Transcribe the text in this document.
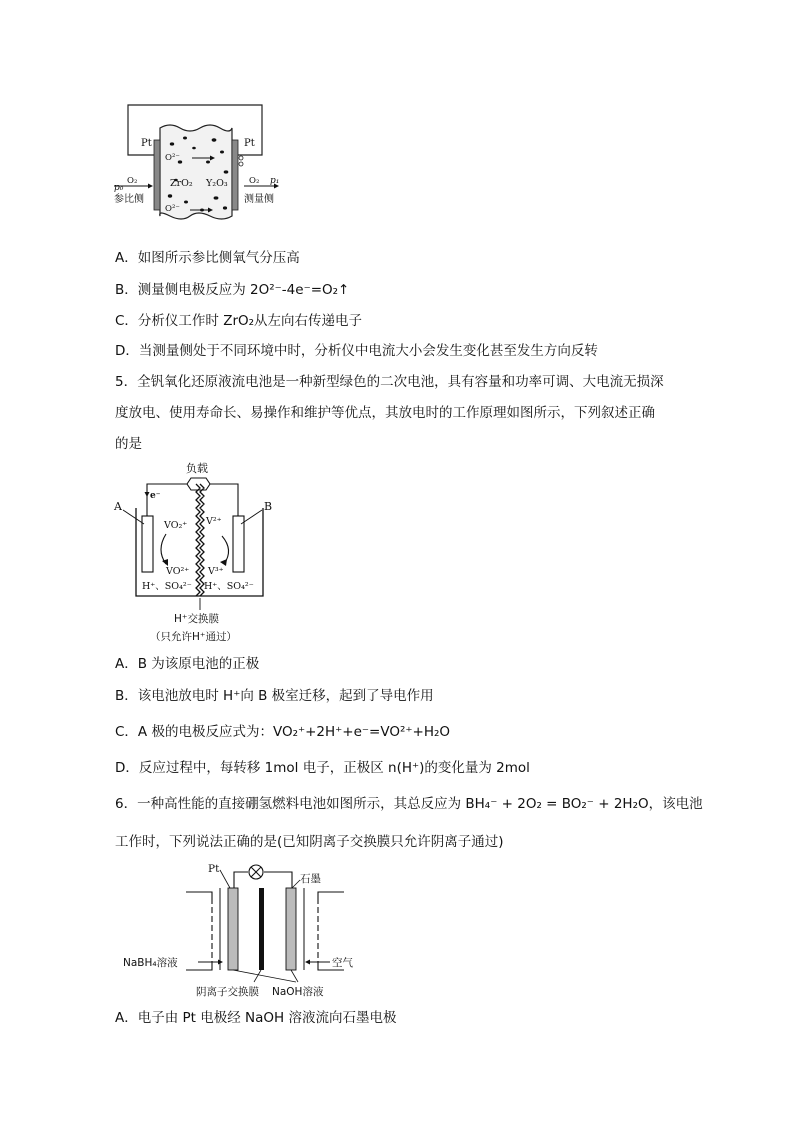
Pt	Pt
O²⁻
O²⁻
ZrO₂ Y₂O₃
p₀
O₂	O₂ p₁
参比侧	测量侧
A．如图所示参比侧氧气分压高
B．测量侧电极反应为 2O²⁻-4e⁻=O₂↑
C．分析仪工作时 ZrO₂从左向右传递电子
D．当测量侧处于不同环境中时，分析仪中电流大小会发生变化甚至发生方向反转
5．全钒氧化还原液流电池是一种新型绿色的二次电池，具有容量和功率可调、大电流无损深
度放电、使用寿命长、易操作和维护等优点，其放电时的工作原理如图所示，下列叙述正确
的是
负载
A	B
e⁻
VO₂⁺ V²⁺
VO²⁺ V³⁺
H⁺、SO₄²⁻ H⁺、SO₄²⁻
H⁺交换膜
（只允许H⁺通过）
A．B 为该原电池的正极
B．该电池放电时 H⁺向 B 极室迁移，起到了导电作用
C．A 极的电极反应式为：VO₂⁺+2H⁺+e⁻=VO²⁺+H₂O
D．反应过程中，每转移 1mol 电子，正极区 n(H⁺)的变化量为 2mol
6．一种高性能的直接硼氢燃料电池如图所示，其总反应为 BH₄⁻ + 2O₂ = BO₂⁻ + 2H₂O，该电池
工作时，下列说法正确的是(已知阴离子交换膜只允许阴离子通过)
Pt
石墨
NaBH₄溶液	空气
阴离子交换膜 NaOH溶液
A．电子由 Pt 电极经 NaOH 溶液流向石墨电极
